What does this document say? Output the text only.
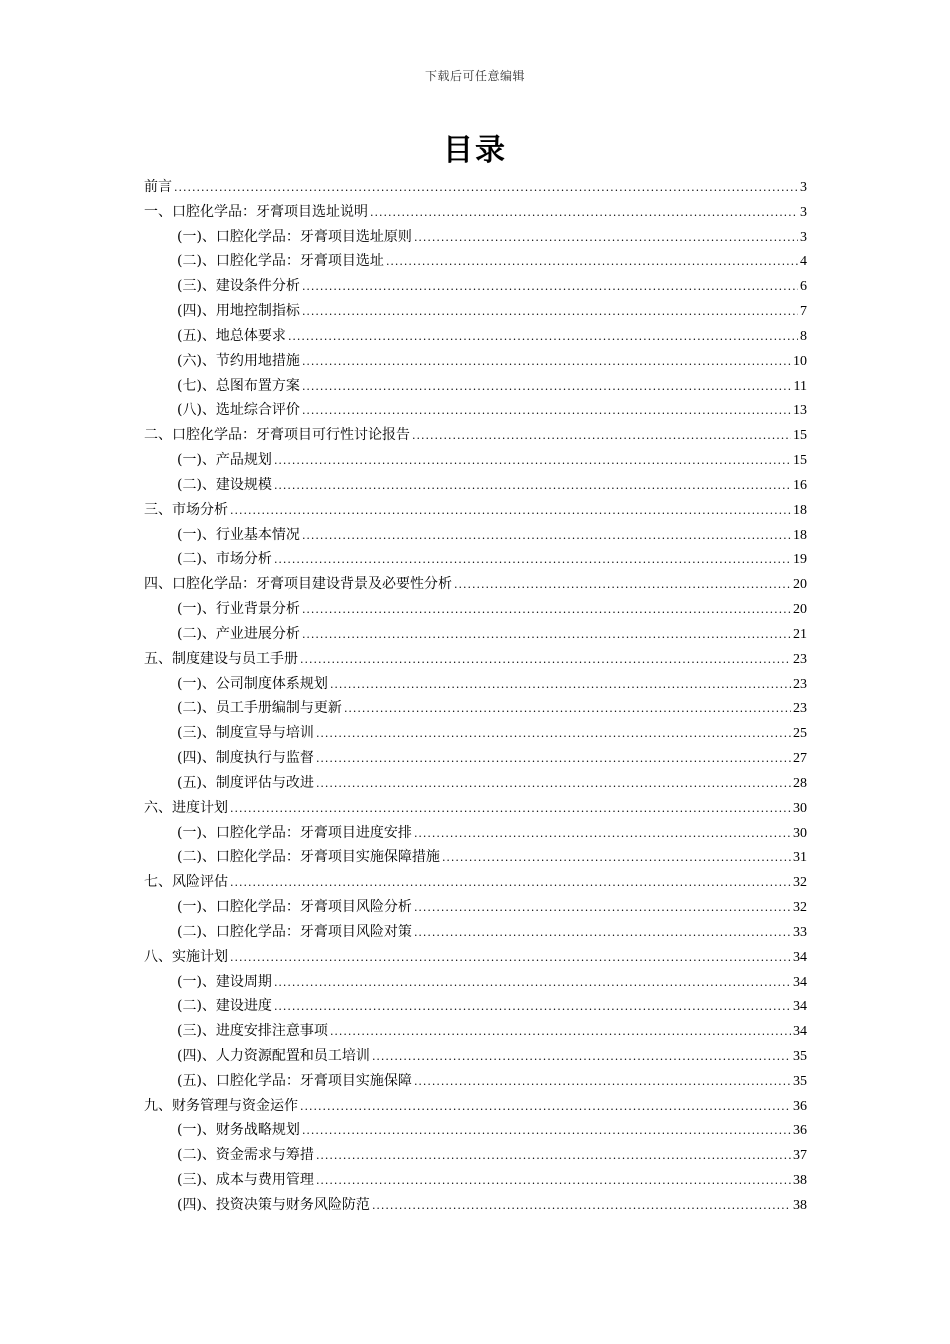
下载后可任意编辑
目录
前言 .....	3
一、口腔化学品：牙膏项目选址说明 .....	3
(一)、口腔化学品：牙膏项目选址原则 .....	3
(二)、口腔化学品：牙膏项目选址 .....	4
(三)、建设条件分析 .....	6
(四)、用地控制指标 .....	7
(五)、地总体要求 .....	8
(六)、节约用地措施 .....	10
(七)、总图布置方案 .....	11
(八)、选址综合评价 .....	13
二、口腔化学品：牙膏项目可行性讨论报告 .....	15
(一)、产品规划 .....	15
(二)、建设规模 .....	16
三、市场分析 .....	18
(一)、行业基本情况 .....	18
(二)、市场分析 .....	19
四、口腔化学品：牙膏项目建设背景及必要性分析 .....	20
(一)、行业背景分析 .....	20
(二)、产业进展分析 .....	21
五、制度建设与员工手册 .....	23
(一)、公司制度体系规划 .....	23
(二)、员工手册编制与更新 .....	23
(三)、制度宣导与培训 .....	25
(四)、制度执行与监督 .....	27
(五)、制度评估与改进 .....	28
六、进度计划 .....	30
(一)、口腔化学品：牙膏项目进度安排 .....	30
(二)、口腔化学品：牙膏项目实施保障措施 .....	31
七、风险评估 .....	32
(一)、口腔化学品：牙膏项目风险分析 .....	32
(二)、口腔化学品：牙膏项目风险对策 .....	33
八、实施计划 .....	34
(一)、建设周期 .....	34
(二)、建设进度 .....	34
(三)、进度安排注意事项 .....	34
(四)、人力资源配置和员工培训 .....	35
(五)、口腔化学品：牙膏项目实施保障 .....	35
九、财务管理与资金运作 .....	36
(一)、财务战略规划 .....	36
(二)、资金需求与筹措 .....	37
(三)、成本与费用管理 .....	38
(四)、投资决策与财务风险防范 .....	38
